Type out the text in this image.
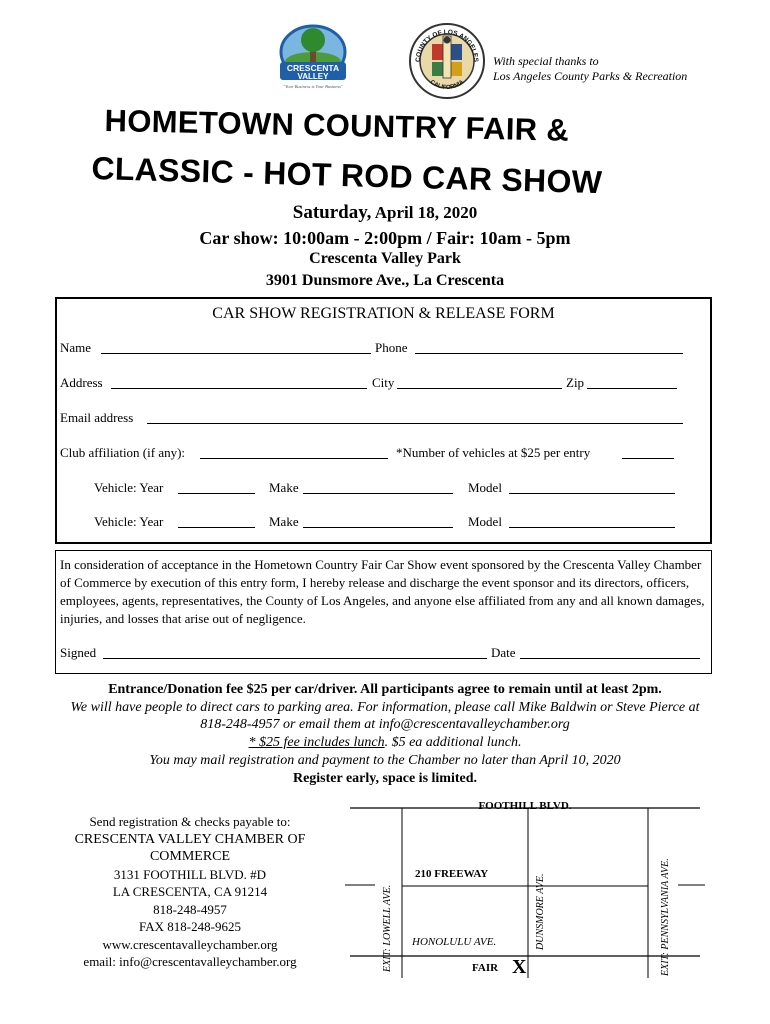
CRESCENTA
VALLEY
"Your Business is Your Business"
COUNTY OF LOS ANGELES
CALIFORNIA
With special thanks to
Los Angeles County Parks & Recreation
HOMETOWN COUNTRY FAIR &
CLASSIC - HOT ROD CAR SHOW
Saturday, April 18, 2020
Car show: 10:00am - 2:00pm / Fair: 10am - 5pm
Crescenta Valley Park
3901 Dunsmore Ave., La Crescenta
CAR SHOW REGISTRATION & RELEASE FORM
Name	Phone
Address	City	Zip
Email address
Club affiliation (if any):	*Number of vehicles at $25 per entry
Vehicle: Year	Make	Model
Vehicle: Year	Make	Model
In consideration of acceptance in the Hometown Country Fair Car Show event sponsored by the Crescenta Valley Chamber of Commerce by execution of this entry form, I hereby release and discharge the event sponsor and its directors, officers, employees, agents, representatives, the County of Los Angeles, and anyone else affiliated from any and all known damages, injuries, and losses that arise out of negligence.
Signed	Date
Entrance/Donation fee $25 per car/driver. All participants agree to remain until at least 2pm.
We will have people to direct cars to parking area. For information, please call Mike Baldwin or Steve Pierce at 818-248-4957 or email them at info@crescentavalleychamber.org
* $25 fee includes lunch. $5 ea additional lunch.
You may mail registration and payment to the Chamber no later than April 10, 2020
Register early, space is limited.
Send registration & checks payable to:
CRESCENTA VALLEY CHAMBER OF
COMMERCE
3131 FOOTHILL BLVD. #D
LA CRESCENTA, CA 91214
818-248-4957
FAX 818-248-9625
www.crescentavalleychamber.org
email: info@crescentavalleychamber.org
FOOTHILL BLVD.
210 FREEWAY
HONOLULU AVE.
FAIR X
EXIT: LOWELL AVE.	DUNSMORE AVE.	EXIT: PENNSYLVANIA AVE.
